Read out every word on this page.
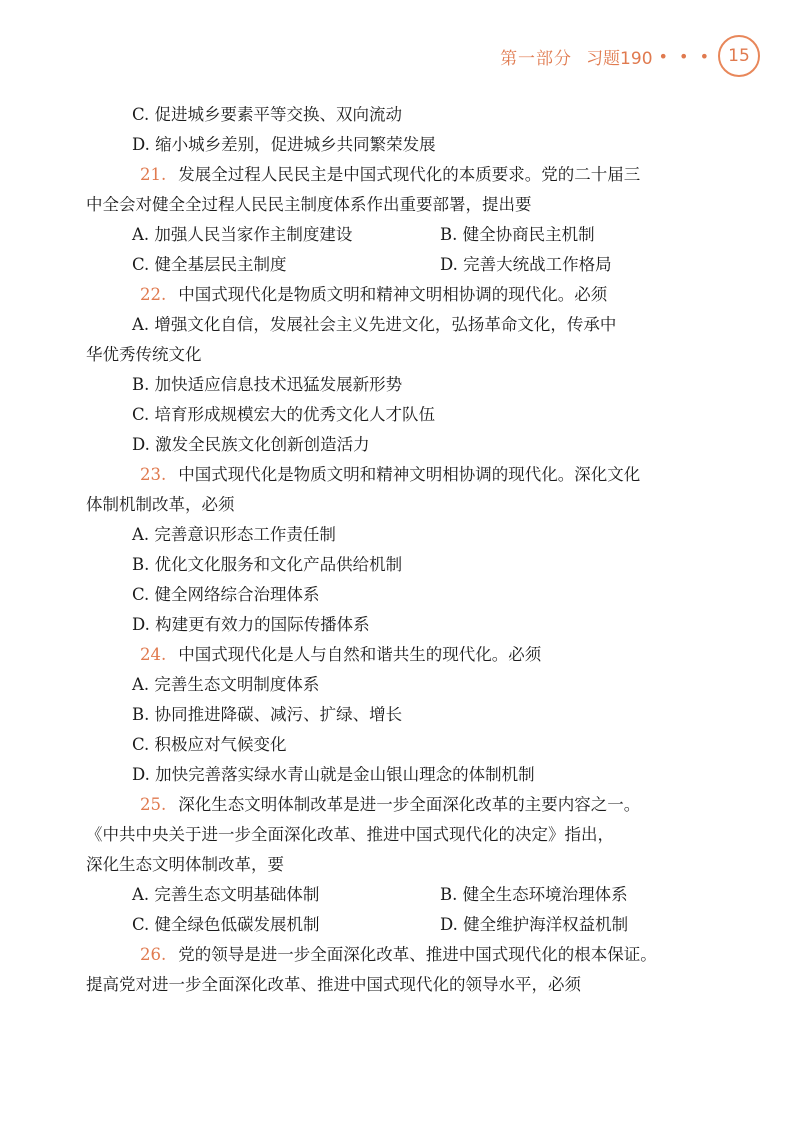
第一部分 习题190 • • • 15
C. 促进城乡要素平等交换、双向流动
D. 缩小城乡差别，促进城乡共同繁荣发展
21. 发展全过程人民民主是中国式现代化的本质要求。党的二十届三
中全会对健全全过程人民民主制度体系作出重要部署，提出要
A. 加强人民当家作主制度建设	B. 健全协商民主机制
C. 健全基层民主制度	D. 完善大统战工作格局
22. 中国式现代化是物质文明和精神文明相协调的现代化。必须
A. 增强文化自信，发展社会主义先进文化，弘扬革命文化，传承中
华优秀传统文化
B. 加快适应信息技术迅猛发展新形势
C. 培育形成规模宏大的优秀文化人才队伍
D. 激发全民族文化创新创造活力
23. 中国式现代化是物质文明和精神文明相协调的现代化。深化文化
体制机制改革，必须
A. 完善意识形态工作责任制
B. 优化文化服务和文化产品供给机制
C. 健全网络综合治理体系
D. 构建更有效力的国际传播体系
24. 中国式现代化是人与自然和谐共生的现代化。必须
A. 完善生态文明制度体系
B. 协同推进降碳、减污、扩绿、增长
C. 积极应对气候变化
D. 加快完善落实绿水青山就是金山银山理念的体制机制
25. 深化生态文明体制改革是进一步全面深化改革的主要内容之一。
《中共中央关于进一步全面深化改革、推进中国式现代化的决定》指出，
深化生态文明体制改革，要
A. 完善生态文明基础体制	B. 健全生态环境治理体系
C. 健全绿色低碳发展机制	D. 健全维护海洋权益机制
26. 党的领导是进一步全面深化改革、推进中国式现代化的根本保证。
提高党对进一步全面深化改革、推进中国式现代化的领导水平，必须
